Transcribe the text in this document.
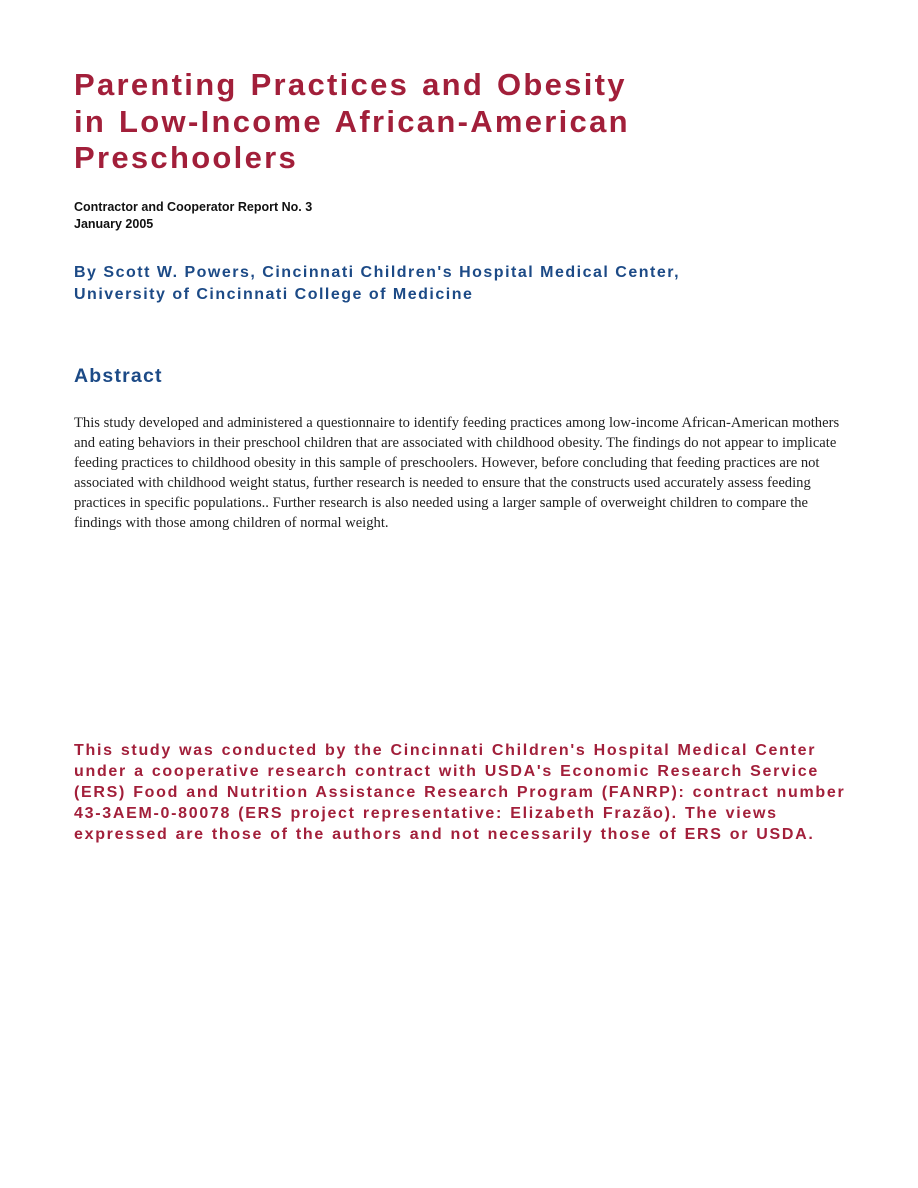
Parenting Practices and Obesity
in Low-Income African-American
Preschoolers
Contractor and Cooperator Report No. 3
January 2005
By Scott W. Powers, Cincinnati Children's Hospital Medical Center,
University of Cincinnati College of Medicine
Abstract

This study developed and administered a questionnaire to identify feeding practices among low-income African-American mothers and eating behaviors in their preschool children that are associated with childhood obesity. The findings do not appear to implicate feeding practices to childhood obesity in this sample of preschoolers. However, before concluding that feeding practices are not associated with childhood weight status, further research is needed to ensure that the constructs used accurately assess feeding practices in specific populations.. Further research is also needed using a larger sample of overweight children to compare the findings with those among children of normal weight.

This study was conducted by the Cincinnati Children's Hospital Medical Center under a cooperative research contract with USDA's Economic Research Service (ERS) Food and Nutrition Assistance Research Program (FANRP): contract number 43-3AEM-0-80078 (ERS project representative: Elizabeth Frazão). The views expressed are those of the authors and not necessarily those of ERS or USDA.
